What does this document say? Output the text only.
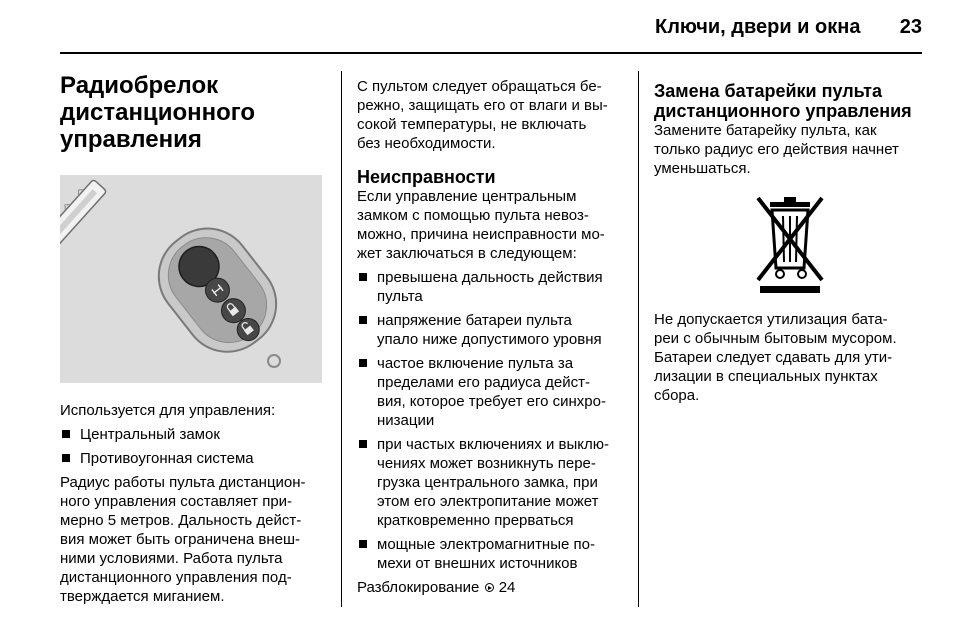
Ключи, двери и окна 23
Радиобрелок
дистанционного
управления
Используется для управления:
Центральный замок
Противоугонная система
Радиус работы пульта дистанцион-
ного управления составляет при-
мерно 5 метров. Дальность дейст-
вия может быть ограничена внеш-
ними условиями. Работа пульта
дистанционного управления под-
тверждается миганием.
С пультом следует обращаться бе-
режно, защищать его от влаги и вы-
сокой температуры, не включать
без необходимости.
Неисправности
Если управление центральным
замком с помощью пульта невоз-
можно, причина неисправности мо-
жет заключаться в следующем:
превышена дальность действия
пульта
напряжение батареи пульта
упало ниже допустимого уровня
частое включение пульта за
пределами его радиуса дейст-
вия, которое требует его синхро-
низации
при частых включениях и выклю-
чениях может возникнуть пере-
грузка центрального замка, при
этом его электропитание может
кратковременно прерваться
мощные электромагнитные по-
мехи от внешних источников
Разблокирование 24
Замена батарейки пульта
дистанционного управления
Замените батарейку пульта, как
только радиус его действия начнет
уменьшаться.
Не допускается утилизация бата-
реи с обычным бытовым мусором.
Батареи следует сдавать для ути-
лизации в специальных пунктах
сбора.
